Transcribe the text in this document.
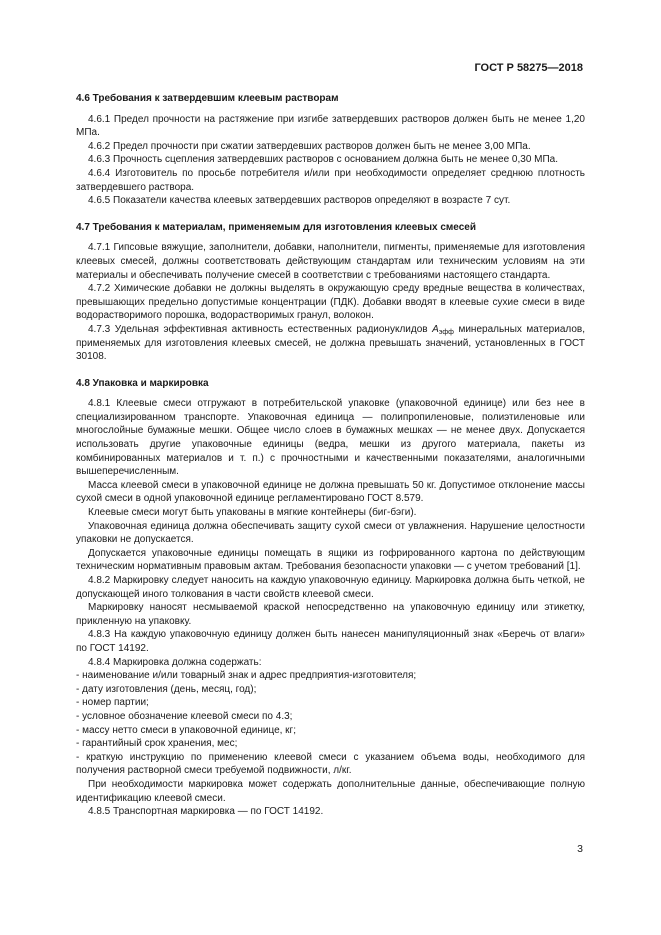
ГОСТ Р 58275—2018
4.6 Требования к затвердевшим клеевым растворам

4.6.1 Предел прочности на растяжение при изгибе затвердевших растворов должен быть не менее 1,20 МПа.

4.6.2 Предел прочности при сжатии затвердевших растворов должен быть не менее 3,00 МПа.

4.6.3 Прочность сцепления затвердевших растворов с основанием должна быть не менее 0,30 МПа.

4.6.4 Изготовитель по просьбе потребителя и/или при необходимости определяет среднюю плотность затвердевшего раствора.

4.6.5 Показатели качества клеевых затвердевших растворов определяют в возрасте 7 сут.

4.7 Требования к материалам, применяемым для изготовления клеевых смесей

4.7.1 Гипсовые вяжущие, заполнители, добавки, наполнители, пигменты, применяемые для изготовления клеевых смесей, должны соответствовать действующим стандартам или техническим условиям на эти материалы и обеспечивать получение смесей в соответствии с требованиями настоящего стандарта.

4.7.2 Химические добавки не должны выделять в окружающую среду вредные вещества в количествах, превышающих предельно допустимые концентрации (ПДК). Добавки вводят в клеевые сухие смеси в виде водорастворимого порошка, водорастворимых гранул, волокон.

4.7.3 Удельная эффективная активность естественных радионуклидов $A_{эфф}$ минеральных материалов, применяемых для изготовления клеевых смесей, не должна превышать значений, установленных в ГОСТ 30108.

4.8 Упаковка и маркировка

4.8.1 Клеевые смеси отгружают в потребительской упаковке (упаковочной единице) или без нее в специализированном транспорте. Упаковочная единица — полипропиленовые, полиэтиленовые или многослойные бумажные мешки. Общее число слоев в бумажных мешках — не менее двух. Допускается использовать другие упаковочные единицы (ведра, мешки из другого материала, пакеты из комбинированных материалов и т. п.) с прочностными и качественными показателями, аналогичными вышеперечисленным.

Масса клеевой смеси в упаковочной единице не должна превышать 50 кг. Допустимое отклонение массы сухой смеси в одной упаковочной единице регламентировано ГОСТ 8.579.

Клеевые смеси могут быть упакованы в мягкие контейнеры (биг-бэги).

Упаковочная единица должна обеспечивать защиту сухой смеси от увлажнения. Нарушение целостности упаковки не допускается.

Допускается упаковочные единицы помещать в ящики из гофрированного картона по действующим техническим нормативным правовым актам. Требования безопасности упаковки — с учетом требований [1].

4.8.2 Маркировку следует наносить на каждую упаковочную единицу. Маркировка должна быть четкой, не допускающей иного толкования в части свойств клеевой смеси.

Маркировку наносят несмываемой краской непосредственно на упаковочную единицу или этикетку, прикленную на упаковку.

4.8.3 На каждую упаковочную единицу должен быть нанесен манипуляционный знак «Беречь от влаги» по ГОСТ 14192.

4.8.4 Маркировка должна содержать:

- наименование и/или товарный знак и адрес предприятия-изготовителя;

- дату изготовления (день, месяц, год);

- номер партии;

- условное обозначение клеевой смеси по 4.3;

- массу нетто смеси в упаковочной единице, кг;

- гарантийный срок хранения, мес;

- краткую инструкцию по применению клеевой смеси с указанием объема воды, необходимого для получения растворной смеси требуемой подвижности, л/кг.

При необходимости маркировка может содержать дополнительные данные, обеспечивающие полную идентификацию клеевой смеси.

4.8.5 Транспортная маркировка — по ГОСТ 14192.

3
